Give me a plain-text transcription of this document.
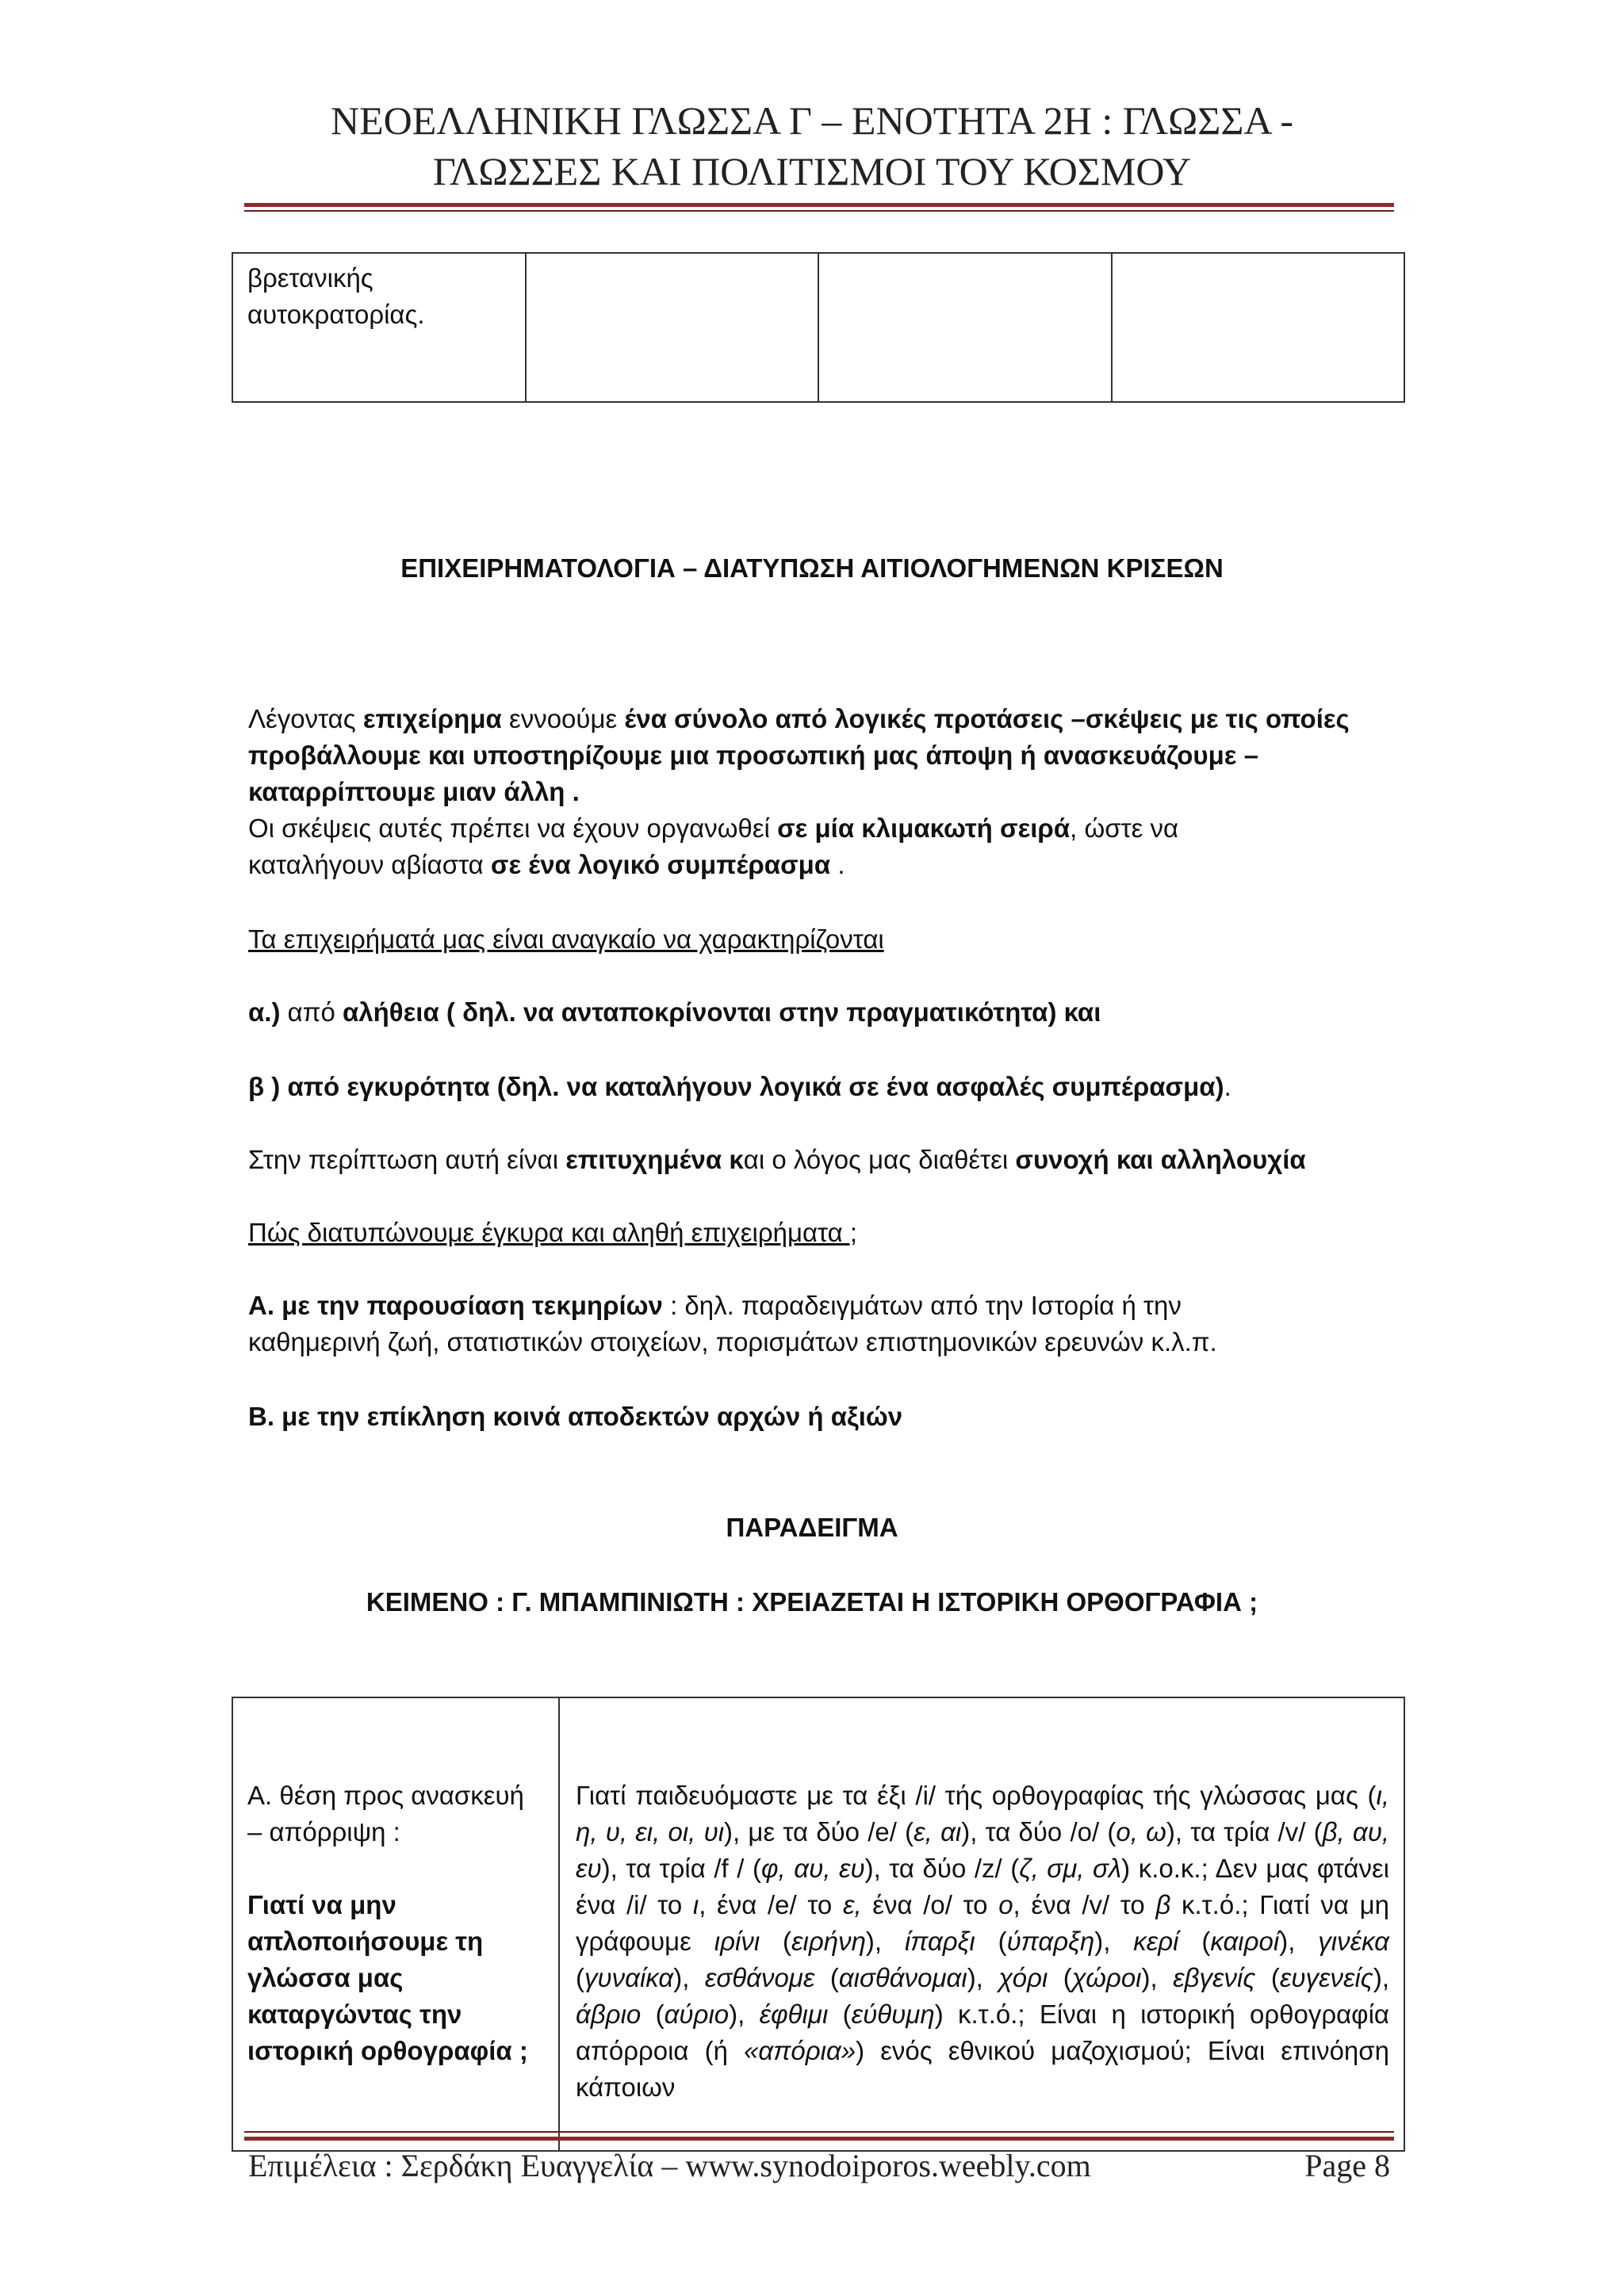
ΝΕΟΕΛΛΗΝΙΚΗ ΓΛΩΣΣΑ Γ – ΕΝΟΤΗΤΑ 2Η : ΓΛΩΣΣΑ -
ΓΛΩΣΣΕΣ ΚΑΙ ΠΟΛΙΤΙΣΜΟΙ ΤΟΥ ΚΟΣΜΟΥ
βρετανικής
αυτοκρατορίας.

ΕΠΙΧΕΙΡΗΜΑΤΟΛΟΓΙΑ – ΔΙΑΤΥΠΩΣΗ ΑΙΤΙΟΛΟΓΗΜΕΝΩΝ ΚΡΙΣΕΩΝ
Λέγοντας επιχείρημα εννοούμε ένα σύνολο από λογικές προτάσεις –σκέψεις με τις οποίες
προβάλλουμε και υποστηρίζουμε μια προσωπική μας άποψη ή ανασκευάζουμε –
καταρρίπτουμε μιαν άλλη .
Οι σκέψεις αυτές πρέπει να έχουν οργανωθεί σε μία κλιμακωτή σειρά, ώστε να
καταλήγουν αβίαστα σε ένα λογικό συμπέρασμα .
Τα επιχειρήματά μας είναι αναγκαίο να χαρακτηρίζονται
α.) από αλήθεια ( δηλ. να ανταποκρίνονται στην πραγματικότητα) και
β ) από εγκυρότητα (δηλ. να καταλήγουν λογικά σε ένα ασφαλές συμπέρασμα).
Στην περίπτωση αυτή είναι επιτυχημένα και ο λόγος μας διαθέτει συνοχή και αλληλουχία
Πώς διατυπώνουμε έγκυρα και αληθή επιχειρήματα ;
Α. με την παρουσίαση τεκμηρίων : δηλ. παραδειγμάτων από την Ιστορία ή την
καθημερινή ζωή, στατιστικών στοιχείων, πορισμάτων επιστημονικών ερευνών κ.λ.π.
Β. με την επίκληση κοινά αποδεκτών αρχών ή αξιών
ΠΑΡΑΔΕΙΓΜΑ
ΚΕΙΜΕΝΟ : Γ. ΜΠΑΜΠΙΝΙΩΤΗ : ΧΡΕΙΑΖΕΤΑΙ Η ΙΣΤΟΡΙΚΗ ΟΡΘΟΓΡΑΦΙΑ ;
Α. θέση προς ανασκευή
– απόρριψη :
Γιατί να μην
απλοποιήσουμε τη
γλώσσα μας
καταργώντας την
ιστορική ορθογραφία ;
	Γιατί παιδευόμαστε με τα έξι /i/ τής ορθογραφίας τής γλώσσας μας (ι, η, υ, ει, οι, υι), με τα δύο /e/ (ε, αι), τα δύο /o/ (ο, ω), τα τρία /v/ (β, αυ, ευ), τα τρία /f / (φ, αυ, ευ), τα δύο /z/ (ζ, σμ, σλ) κ.ο.κ.; Δεν μας φτάνει ένα /i/ το ι, ένα /e/ το ε, ένα /o/ το ο, ένα /v/ το β κ.τ.ό.; Γιατί να μη γράφουμε ιρίνι (ειρήνη), ίπαρξι (ύπαρξη), κερί (καιροί), γινέκα (γυναίκα), εσθάνομε (αισθάνομαι), χόρι (χώροι), εβγενίς (ευγενείς), άβριο (αύριο), έφθιμι (εύθυμη) κ.τ.ό.; Είναι η ιστορική ορθογραφία απόρροια (ή «απόρια») ενός εθνικού μαζοχισμού; Είναι επινόηση κάποιων
Επιμέλεια : Σερδάκη Ευαγγελία – www.synodoiporos.weebly.com	Page 8
